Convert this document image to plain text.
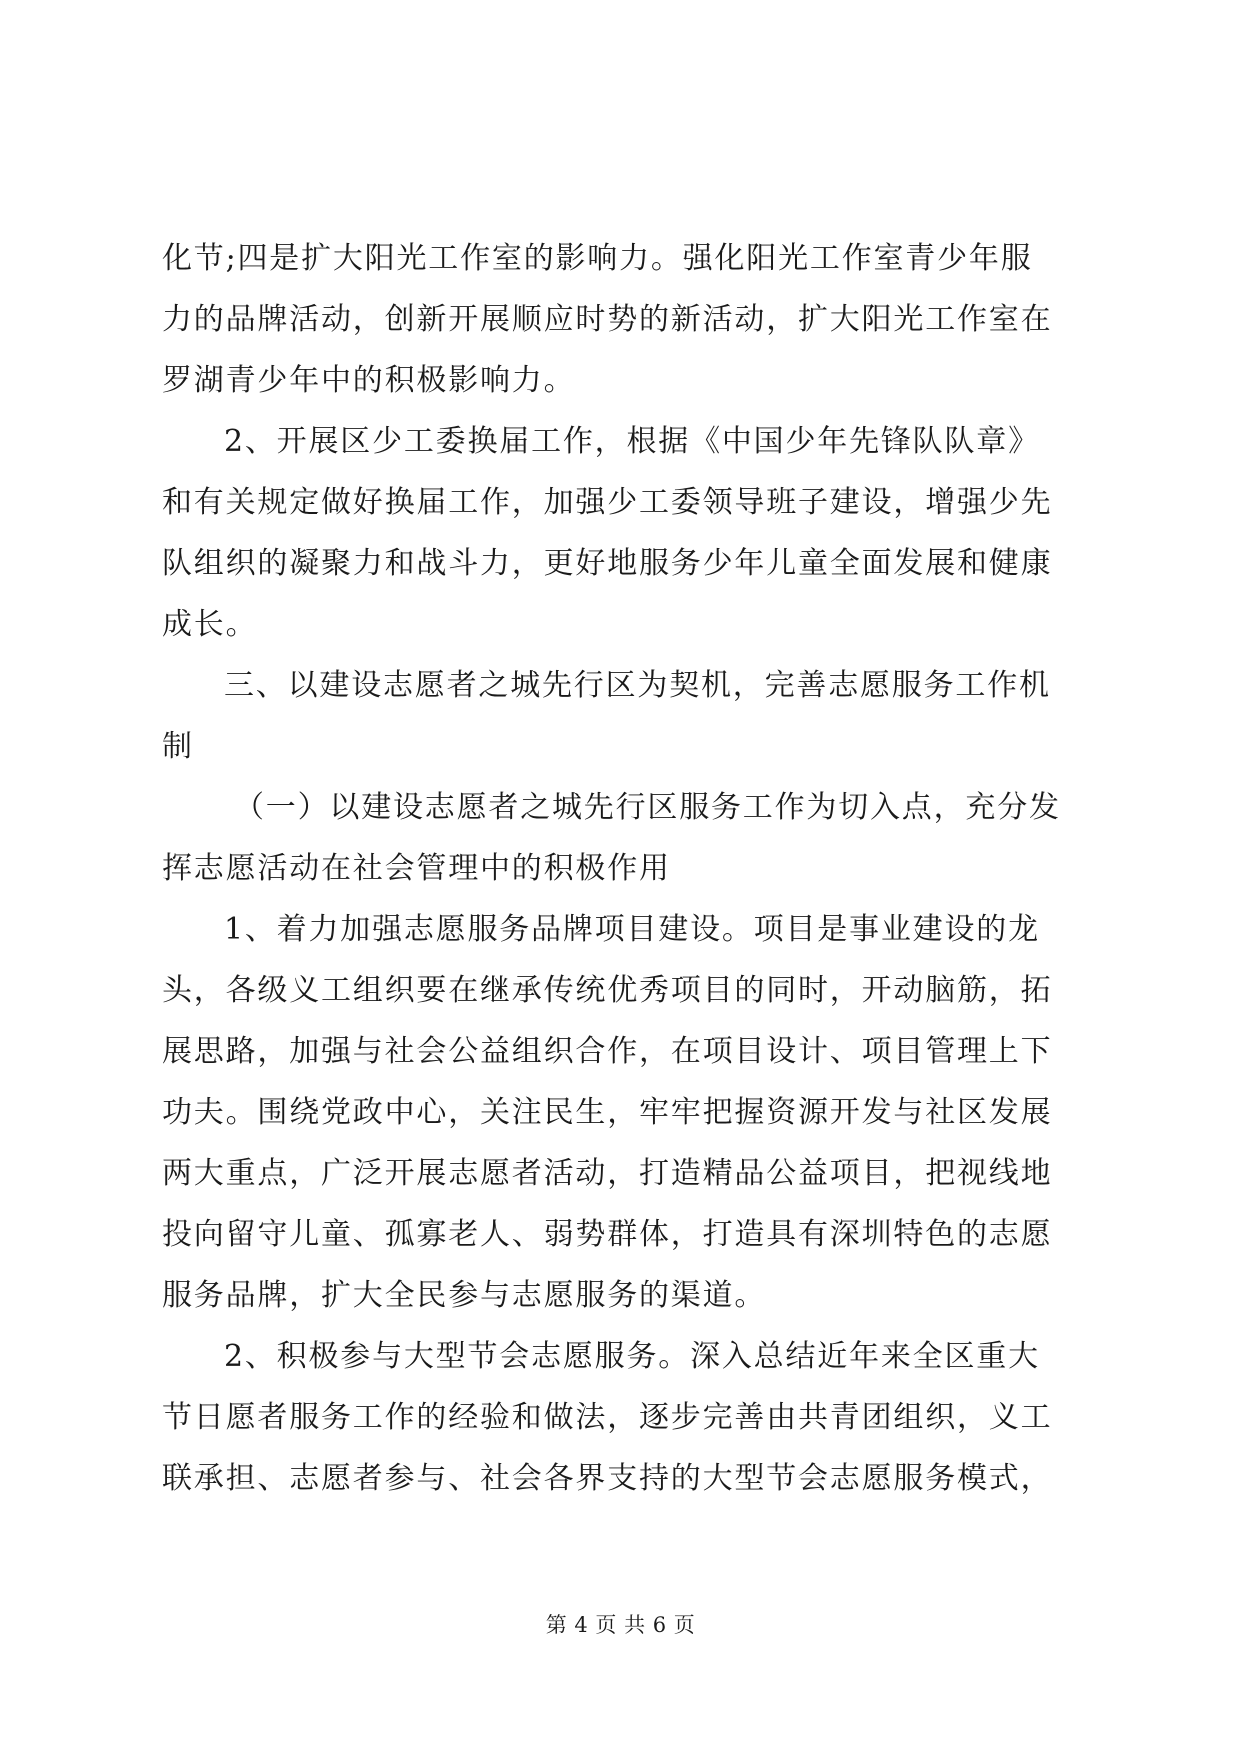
化节;四是扩大阳光工作室的影响力。强化阳光工作室青少年服
力的品牌活动，创新开展顺应时势的新活动，扩大阳光工作室在
罗湖青少年中的积极影响力。
2、开展区少工委换届工作，根据《中国少年先锋队队章》
和有关规定做好换届工作，加强少工委领导班子建设，增强少先
队组织的凝聚力和战斗力，更好地服务少年儿童全面发展和健康
成长。
三、以建设志愿者之城先行区为契机，完善志愿服务工作机
制
（一）以建设志愿者之城先行区服务工作为切入点，充分发
挥志愿活动在社会管理中的积极作用
1、着力加强志愿服务品牌项目建设。项目是事业建设的龙
头，各级义工组织要在继承传统优秀项目的同时，开动脑筋，拓
展思路，加强与社会公益组织合作，在项目设计、项目管理上下
功夫。围绕党政中心，关注民生，牢牢把握资源开发与社区发展
两大重点，广泛开展志愿者活动，打造精品公益项目，把视线地
投向留守儿童、孤寡老人、弱势群体，打造具有深圳特色的志愿
服务品牌，扩大全民参与志愿服务的渠道。
2、积极参与大型节会志愿服务。深入总结近年来全区重大
节日愿者服务工作的经验和做法，逐步完善由共青团组织，义工
联承担、志愿者参与、社会各界支持的大型节会志愿服务模式，
第 4 页 共 6 页
